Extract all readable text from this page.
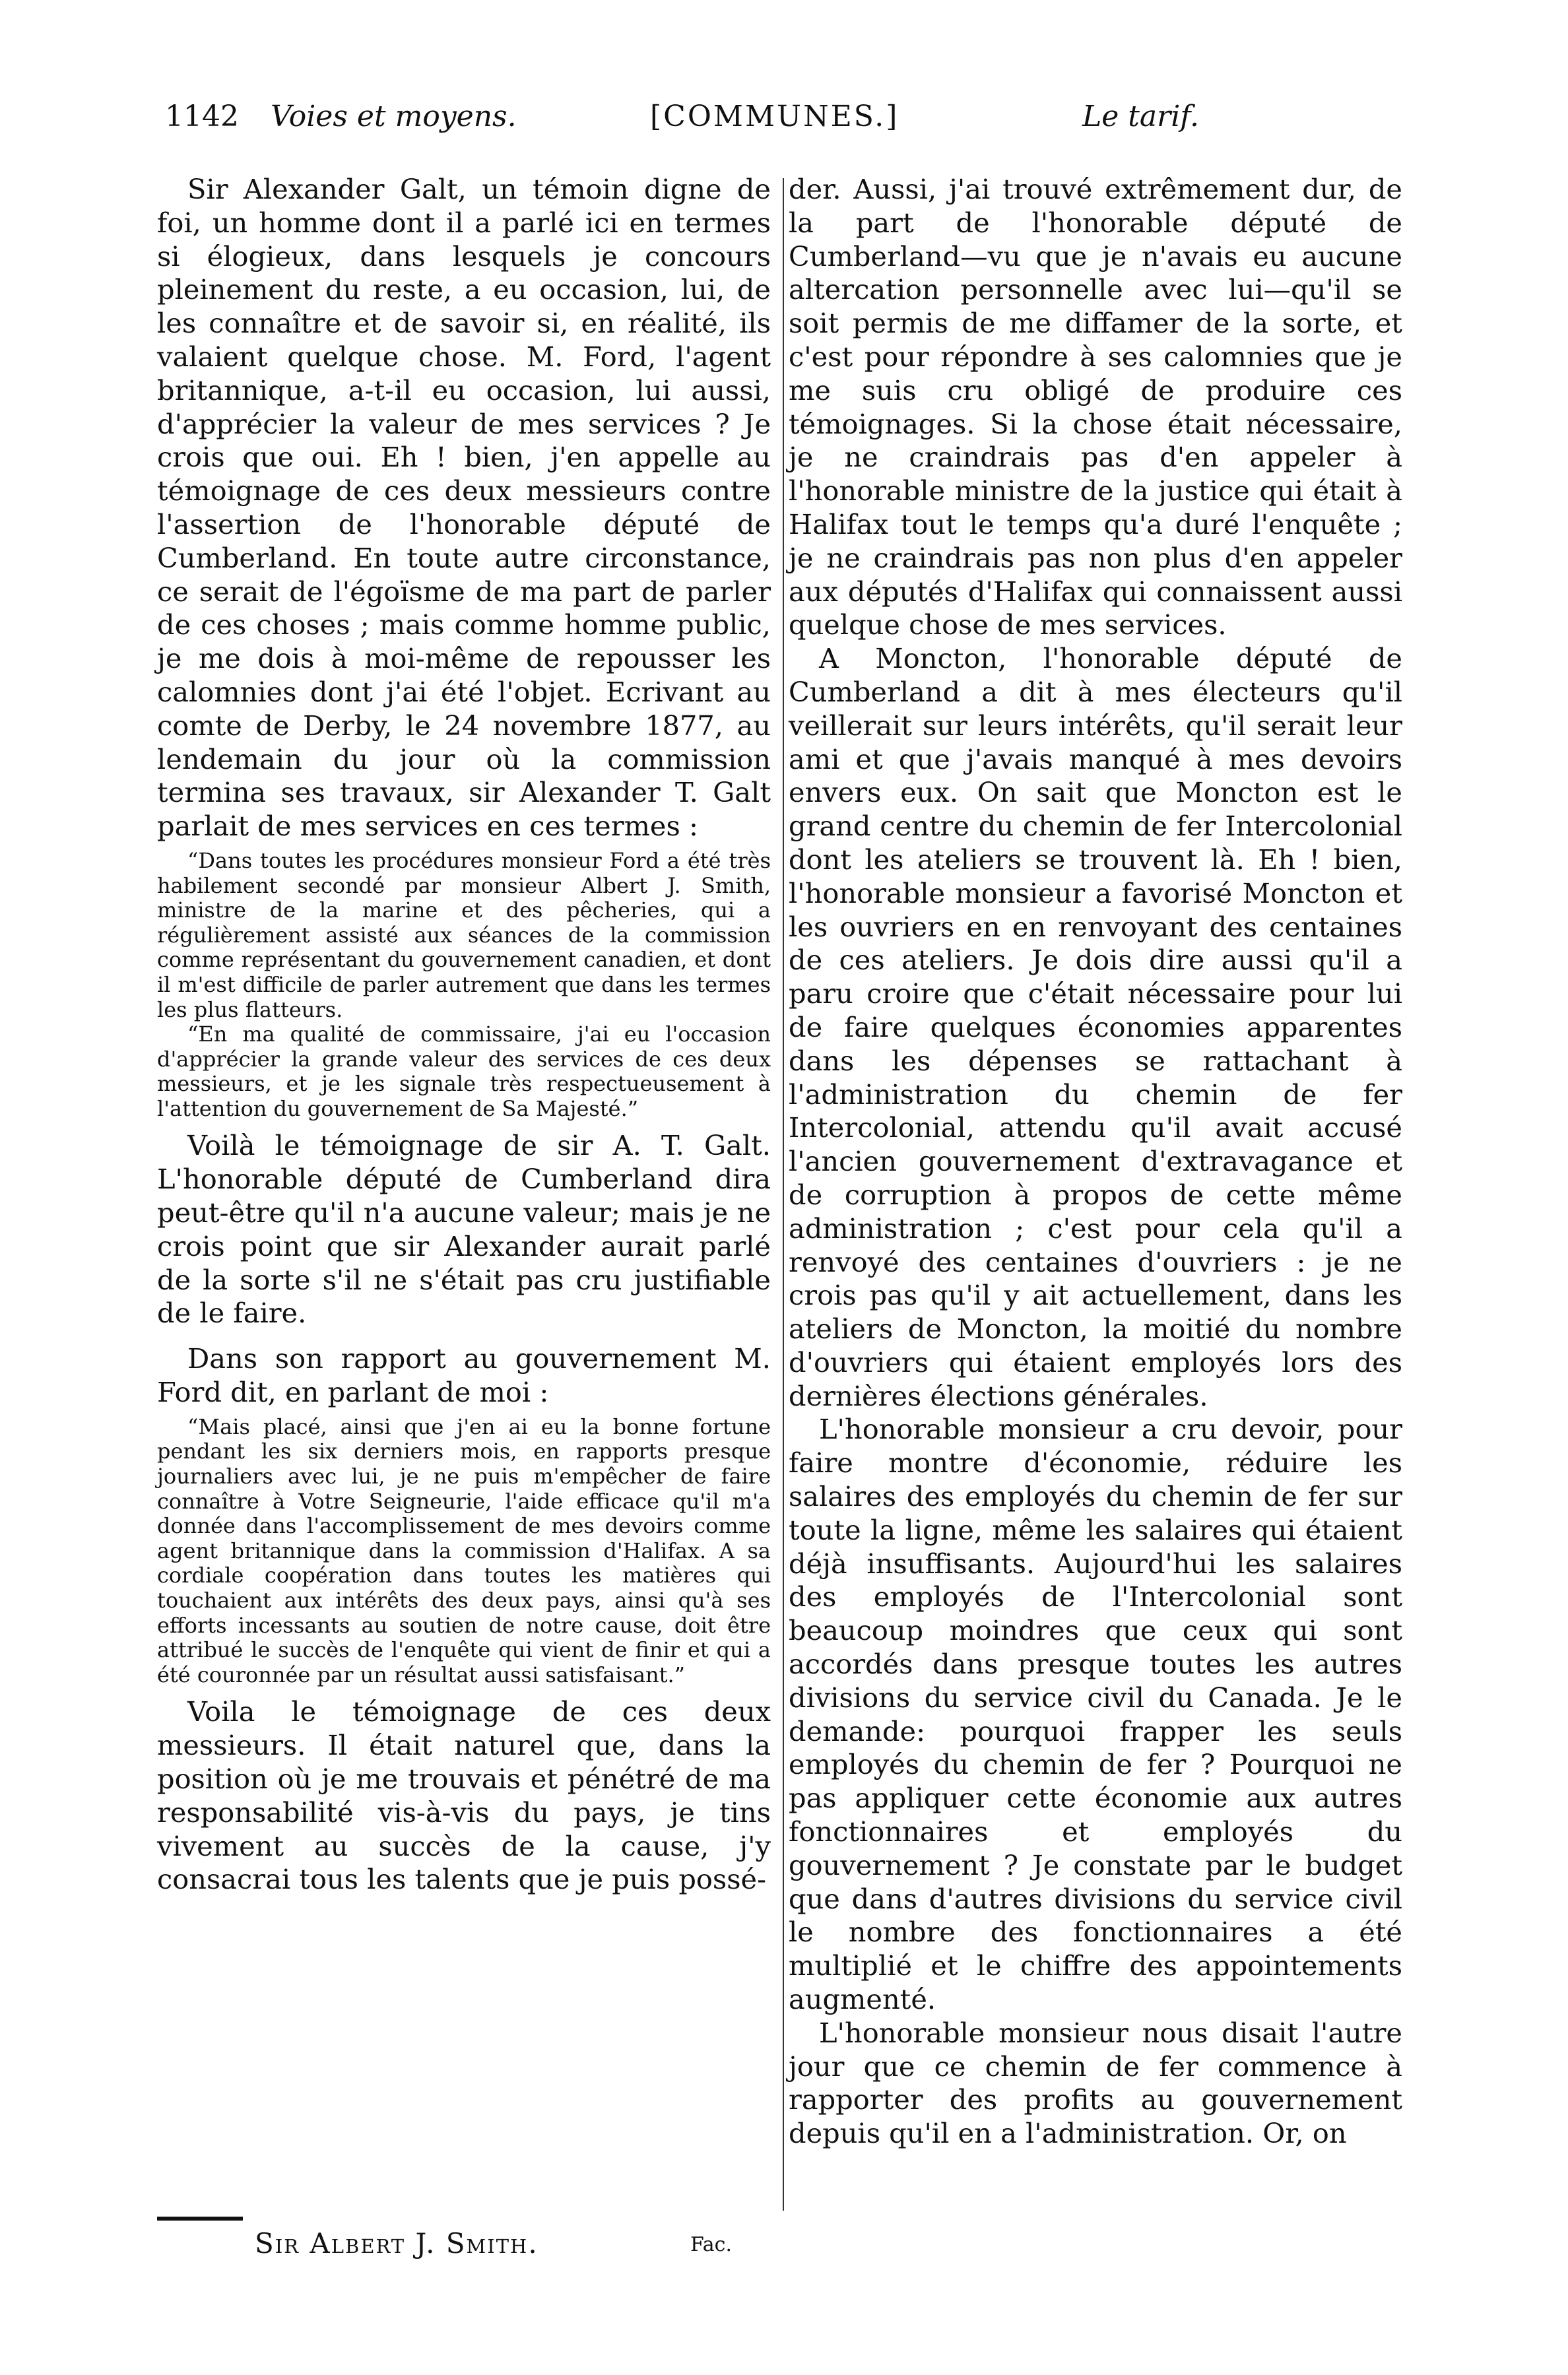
1142 Voies et moyens.	[COMMUNES.]	Le tarif.

Sir Alexander Galt, un témoin digne de foi, un homme dont il a parlé ici en termes si élogieux, dans lesquels je concours pleinement du reste, a eu occasion, lui, de les connaître et de savoir si, en réalité, ils valaient quelque chose. M. Ford, l'agent britannique, a-t-il eu occasion, lui aussi, d'apprécier la valeur de mes services ? Je crois que oui. Eh ! bien, j'en appelle au témoignage de ces deux messieurs contre l'assertion de l'honorable député de Cumberland. En toute autre circonstance, ce serait de l'égoïsme de ma part de parler de ces choses ; mais comme homme public, je me dois à moi-même de repousser les calomnies dont j'ai été l'objet. Ecrivant au comte de Derby, le 24 novembre 1877, au lendemain du jour où la commission termina ses travaux, sir Alexander T. Galt parlait de mes services en ces termes :

“Dans toutes les procédures monsieur Ford a été très habilement secondé par monsieur Albert J. Smith, ministre de la marine et des pêcheries, qui a régulièrement assisté aux séances de la commission comme représentant du gouvernement canadien, et dont il m'est difficile de parler autrement que dans les termes les plus flatteurs.

“En ma qualité de commissaire, j'ai eu l'occasion d'apprécier la grande valeur des services de ces deux messieurs, et je les signale très respectueusement à l'attention du gouvernement de Sa Majesté.”

Voilà le témoignage de sir A. T. Galt. L'honorable député de Cumberland dira peut-être qu'il n'a aucune valeur; mais je ne crois point que sir Alexander aurait parlé de la sorte s'il ne s'était pas cru justifiable de le faire.

Dans son rapport au gouvernement M. Ford dit, en parlant de moi :

“Mais placé, ainsi que j'en ai eu la bonne fortune pendant les six derniers mois, en rapports presque journaliers avec lui, je ne puis m'empêcher de faire connaître à Votre Seigneurie, l'aide efficace qu'il m'a donnée dans l'accomplissement de mes devoirs comme agent britannique dans la commission d'Halifax. A sa cordiale coopération dans toutes les matières qui touchaient aux intérêts des deux pays, ainsi qu'à ses efforts incessants au soutien de notre cause, doit être attribué le succès de l'enquête qui vient de finir et qui a été couronnée par un résultat aussi satisfaisant.”

Voila le témoignage de ces deux messieurs. Il était naturel que, dans la position où je me trouvais et pénétré de ma responsabilité vis-à-vis du pays, je tins vivement au succès de la cause, j'y consacrai tous les talents que je puis possé-

der. Aussi, j'ai trouvé extrêmement dur, de la part de l'honorable député de Cumberland—vu que je n'avais eu aucune altercation personnelle avec lui—qu'il se soit permis de me diffamer de la sorte, et c'est pour répondre à ses calomnies que je me suis cru obligé de produire ces témoignages. Si la chose était nécessaire, je ne craindrais pas d'en appeler à l'honorable ministre de la justice qui était à Halifax tout le temps qu'a duré l'enquête ; je ne craindrais pas non plus d'en appeler aux députés d'Halifax qui connaissent aussi quelque chose de mes services.

A Moncton, l'honorable député de Cumberland a dit à mes électeurs qu'il veillerait sur leurs intérêts, qu'il serait leur ami et que j'avais manqué à mes devoirs envers eux. On sait que Moncton est le grand centre du chemin de fer Intercolonial dont les ateliers se trouvent là. Eh ! bien, l'honorable monsieur a favorisé Moncton et les ouvriers en en renvoyant des centaines de ces ateliers. Je dois dire aussi qu'il a paru croire que c'était nécessaire pour lui de faire quelques économies apparentes dans les dépenses se rattachant à l'administration du chemin de fer Intercolonial, attendu qu'il avait accusé l'ancien gouvernement d'extravagance et de corruption à propos de cette même administration ; c'est pour cela qu'il a renvoyé des centaines d'ouvriers : je ne crois pas qu'il y ait actuellement, dans les ateliers de Moncton, la moitié du nombre d'ouvriers qui étaient employés lors des dernières élections générales.

L'honorable monsieur a cru devoir, pour faire montre d'économie, réduire les salaires des employés du chemin de fer sur toute la ligne, même les salaires qui étaient déjà insuffisants. Aujourd'hui les salaires des employés de l'Intercolonial sont beaucoup moindres que ceux qui sont accordés dans presque toutes les autres divisions du service civil du Canada. Je le demande: pourquoi frapper les seuls employés du chemin de fer ? Pourquoi ne pas appliquer cette économie aux autres fonctionnaires et employés du gouvernement ? Je constate par le budget que dans d'autres divisions du service civil le nombre des fonctionnaires a été multiplié et le chiffre des appointements augmenté.

L'honorable monsieur nous disait l'autre jour que ce chemin de fer commence à rapporter des profits au gouvernement depuis qu'il en a l'administration. Or, on

Sir Albert J. Smith.	Fac.
